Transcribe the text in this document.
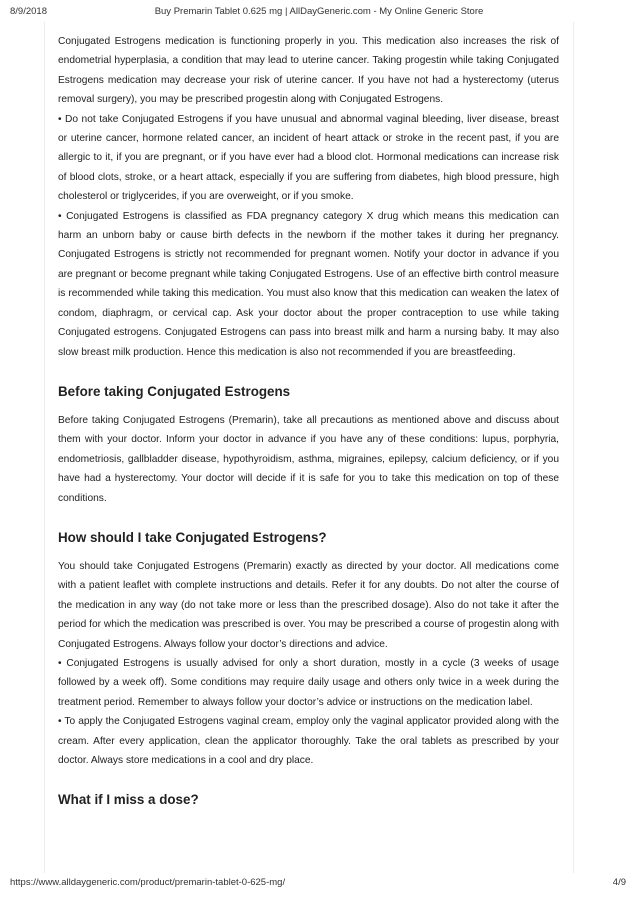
8/9/2018	Buy Premarin Tablet 0.625 mg | AllDayGeneric.com - My Online Generic Store

Conjugated Estrogens medication is functioning properly in you. This medication also increases the risk of endometrial hyperplasia, a condition that may lead to uterine cancer. Taking progestin while taking Conjugated Estrogens medication may decrease your risk of uterine cancer. If you have not had a hysterectomy (uterus removal surgery), you may be prescribed progestin along with Conjugated Estrogens.

• Do not take Conjugated Estrogens if you have unusual and abnormal vaginal bleeding, liver disease, breast or uterine cancer, hormone related cancer, an incident of heart attack or stroke in the recent past, if you are allergic to it, if you are pregnant, or if you have ever had a blood clot. Hormonal medications can increase risk of blood clots, stroke, or a heart attack, especially if you are suffering from diabetes, high blood pressure, high cholesterol or triglycerides, if you are overweight, or if you smoke.

• Conjugated Estrogens is classified as FDA pregnancy category X drug which means this medication can harm an unborn baby or cause birth defects in the newborn if the mother takes it during her pregnancy. Conjugated Estrogens is strictly not recommended for pregnant women. Notify your doctor in advance if you are pregnant or become pregnant while taking Conjugated Estrogens. Use of an effective birth control measure is recommended while taking this medication. You must also know that this medication can weaken the latex of condom, diaphragm, or cervical cap. Ask your doctor about the proper contraception to use while taking Conjugated estrogens. Conjugated Estrogens can pass into breast milk and harm a nursing baby. It may also slow breast milk production. Hence this medication is also not recommended if you are breastfeeding.

Before taking Conjugated Estrogens

Before taking Conjugated Estrogens (Premarin), take all precautions as mentioned above and discuss about them with your doctor. Inform your doctor in advance if you have any of these conditions: lupus, porphyria, endometriosis, gallbladder disease, hypothyroidism, asthma, migraines, epilepsy, calcium deficiency, or if you have had a hysterectomy. Your doctor will decide if it is safe for you to take this medication on top of these conditions.

How should I take Conjugated Estrogens?

You should take Conjugated Estrogens (Premarin) exactly as directed by your doctor. All medications come with a patient leaflet with complete instructions and details. Refer it for any doubts. Do not alter the course of the medication in any way (do not take more or less than the prescribed dosage). Also do not take it after the period for which the medication was prescribed is over. You may be prescribed a course of progestin along with Conjugated Estrogens. Always follow your doctor’s directions and advice.

• Conjugated Estrogens is usually advised for only a short duration, mostly in a cycle (3 weeks of usage followed by a week off). Some conditions may require daily usage and others only twice in a week during the treatment period. Remember to always follow your doctor’s advice or instructions on the medication label.

• To apply the Conjugated Estrogens vaginal cream, employ only the vaginal applicator provided along with the cream. After every application, clean the applicator thoroughly. Take the oral tablets as prescribed by your doctor. Always store medications in a cool and dry place.

What if I miss a dose?
https://www.alldaygeneric.com/product/premarin-tablet-0-625-mg/	4/9
